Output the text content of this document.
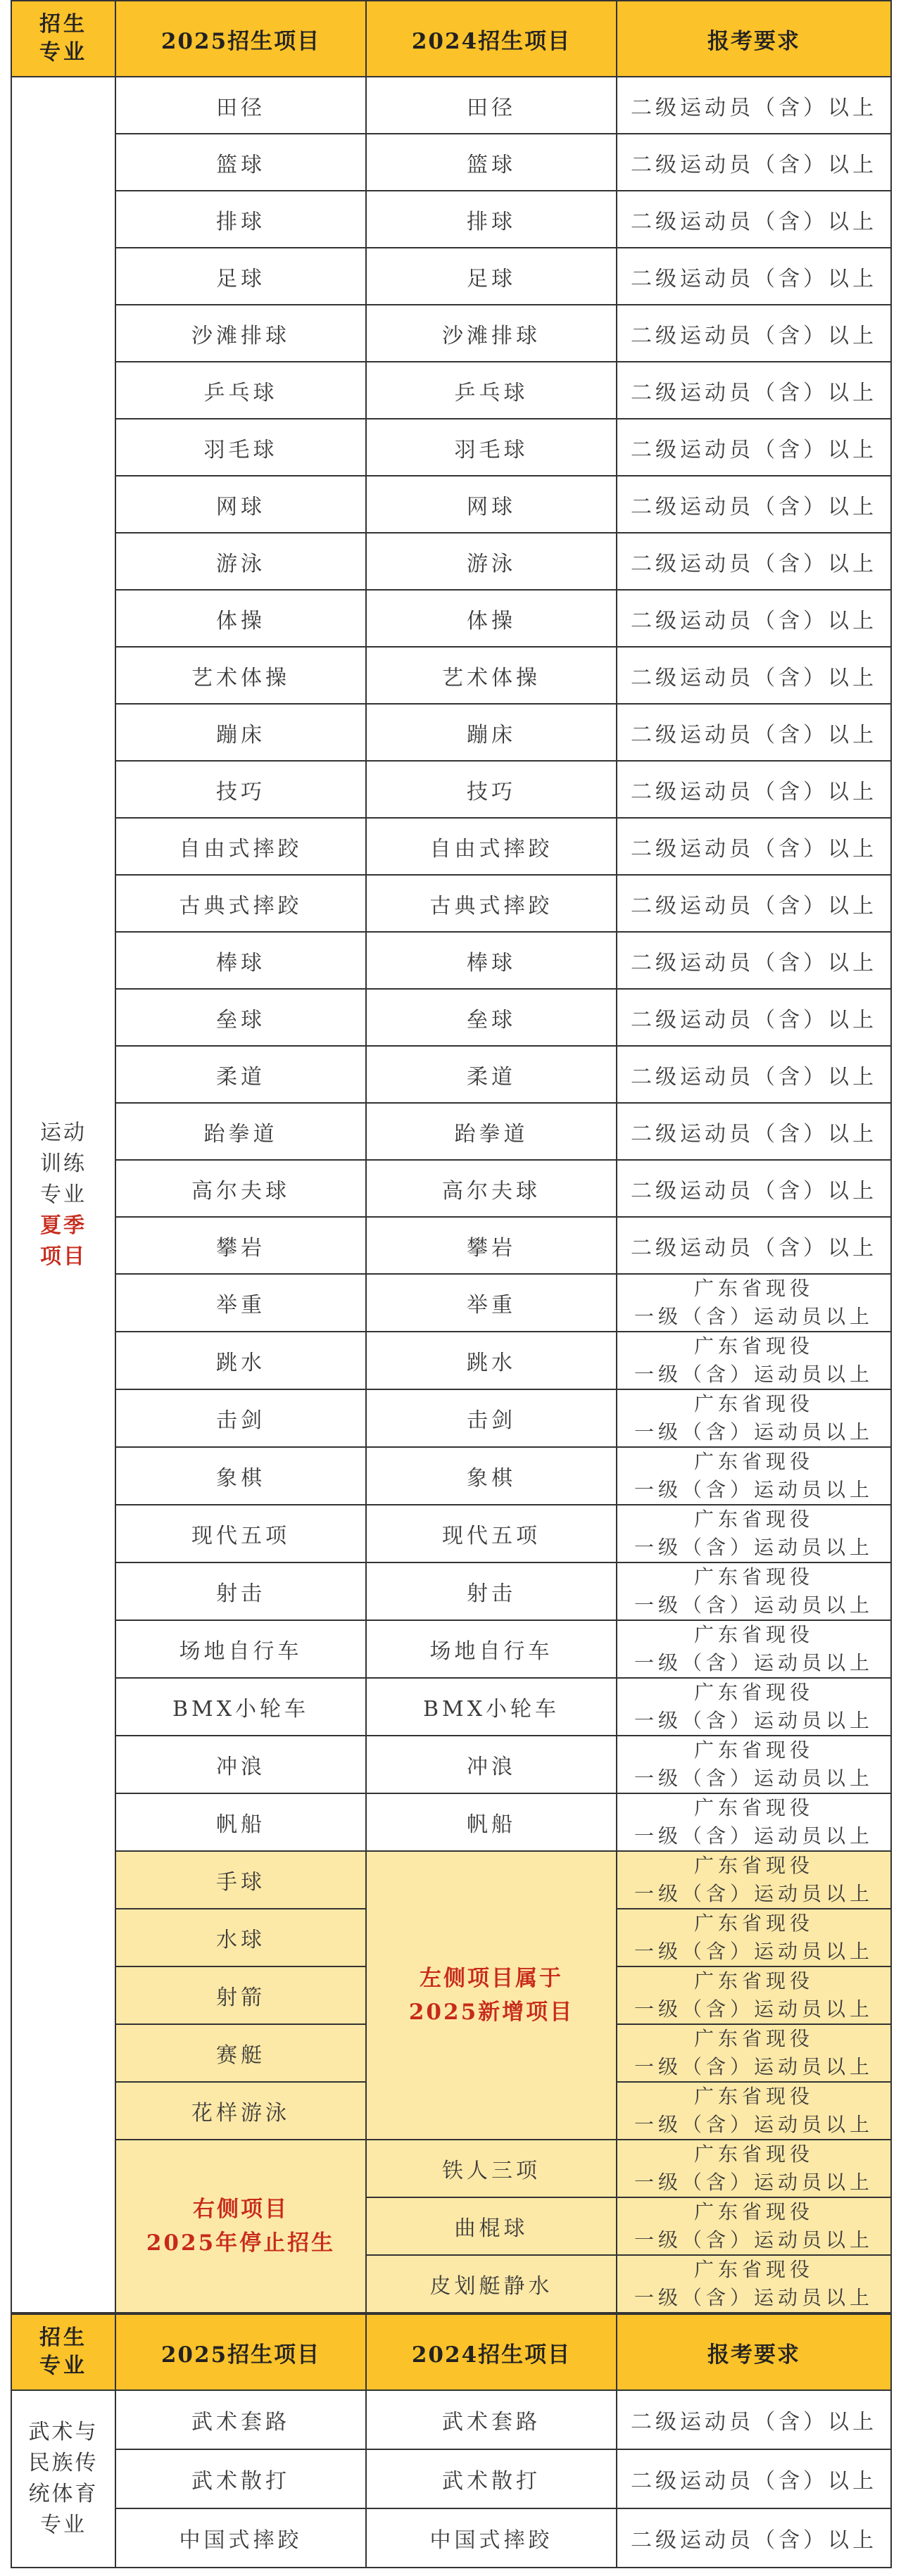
招生
专业	2025招生项目	2024招生项目	报考要求

运动
训练
专业
夏季
项目	田径	田径	二级运动员（含）以上
	篮球	篮球	二级运动员（含）以上
	排球	排球	二级运动员（含）以上
	足球	足球	二级运动员（含）以上
	沙滩排球	沙滩排球	二级运动员（含）以上
	乒乓球	乒乓球	二级运动员（含）以上
	羽毛球	羽毛球	二级运动员（含）以上
	网球	网球	二级运动员（含）以上
	游泳	游泳	二级运动员（含）以上
	体操	体操	二级运动员（含）以上
	艺术体操	艺术体操	二级运动员（含）以上
	蹦床	蹦床	二级运动员（含）以上
	技巧	技巧	二级运动员（含）以上
	自由式摔跤	自由式摔跤	二级运动员（含）以上
	古典式摔跤	古典式摔跤	二级运动员（含）以上
	棒球	棒球	二级运动员（含）以上
	垒球	垒球	二级运动员（含）以上
	柔道	柔道	二级运动员（含）以上
	跆拳道	跆拳道	二级运动员（含）以上
	高尔夫球	高尔夫球	二级运动员（含）以上
	攀岩	攀岩	二级运动员（含）以上
	举重	举重	广东省现役
一级（含）运动员以上

	跳水	跳水	广东省现役
一级（含）运动员以上

	击剑	击剑	广东省现役
一级（含）运动员以上

	象棋	象棋	广东省现役
一级（含）运动员以上

	现代五项	现代五项	广东省现役
一级（含）运动员以上

	射击	射击	广东省现役
一级（含）运动员以上

	场地自行车	场地自行车	广东省现役
一级（含）运动员以上

	BMX小轮车	BMX小轮车	广东省现役
一级（含）运动员以上

	冲浪	冲浪	广东省现役
一级（含）运动员以上

	帆船	帆船	广东省现役
一级（含）运动员以上

	手球	左侧项目属于
2025新增项目	广东省现役
一级（含）运动员以上

	水球		广东省现役
一级（含）运动员以上

	射箭		广东省现役
一级（含）运动员以上

	赛艇		广东省现役
一级（含）运动员以上

	花样游泳		广东省现役
一级（含）运动员以上

	右侧项目
2025年停止招生	铁人三项	广东省现役
一级（含）运动员以上

		曲棍球	广东省现役
一级（含）运动员以上

		皮划艇静水	广东省现役
一级（含）运动员以上
招生
专业	2025招生项目	2024招生项目	报考要求

武术与
民族传
统体育
专业	武术套路	武术套路	二级运动员（含）以上
	武术散打	武术散打	二级运动员（含）以上
	中国式摔跤	中国式摔跤	二级运动员（含）以上
